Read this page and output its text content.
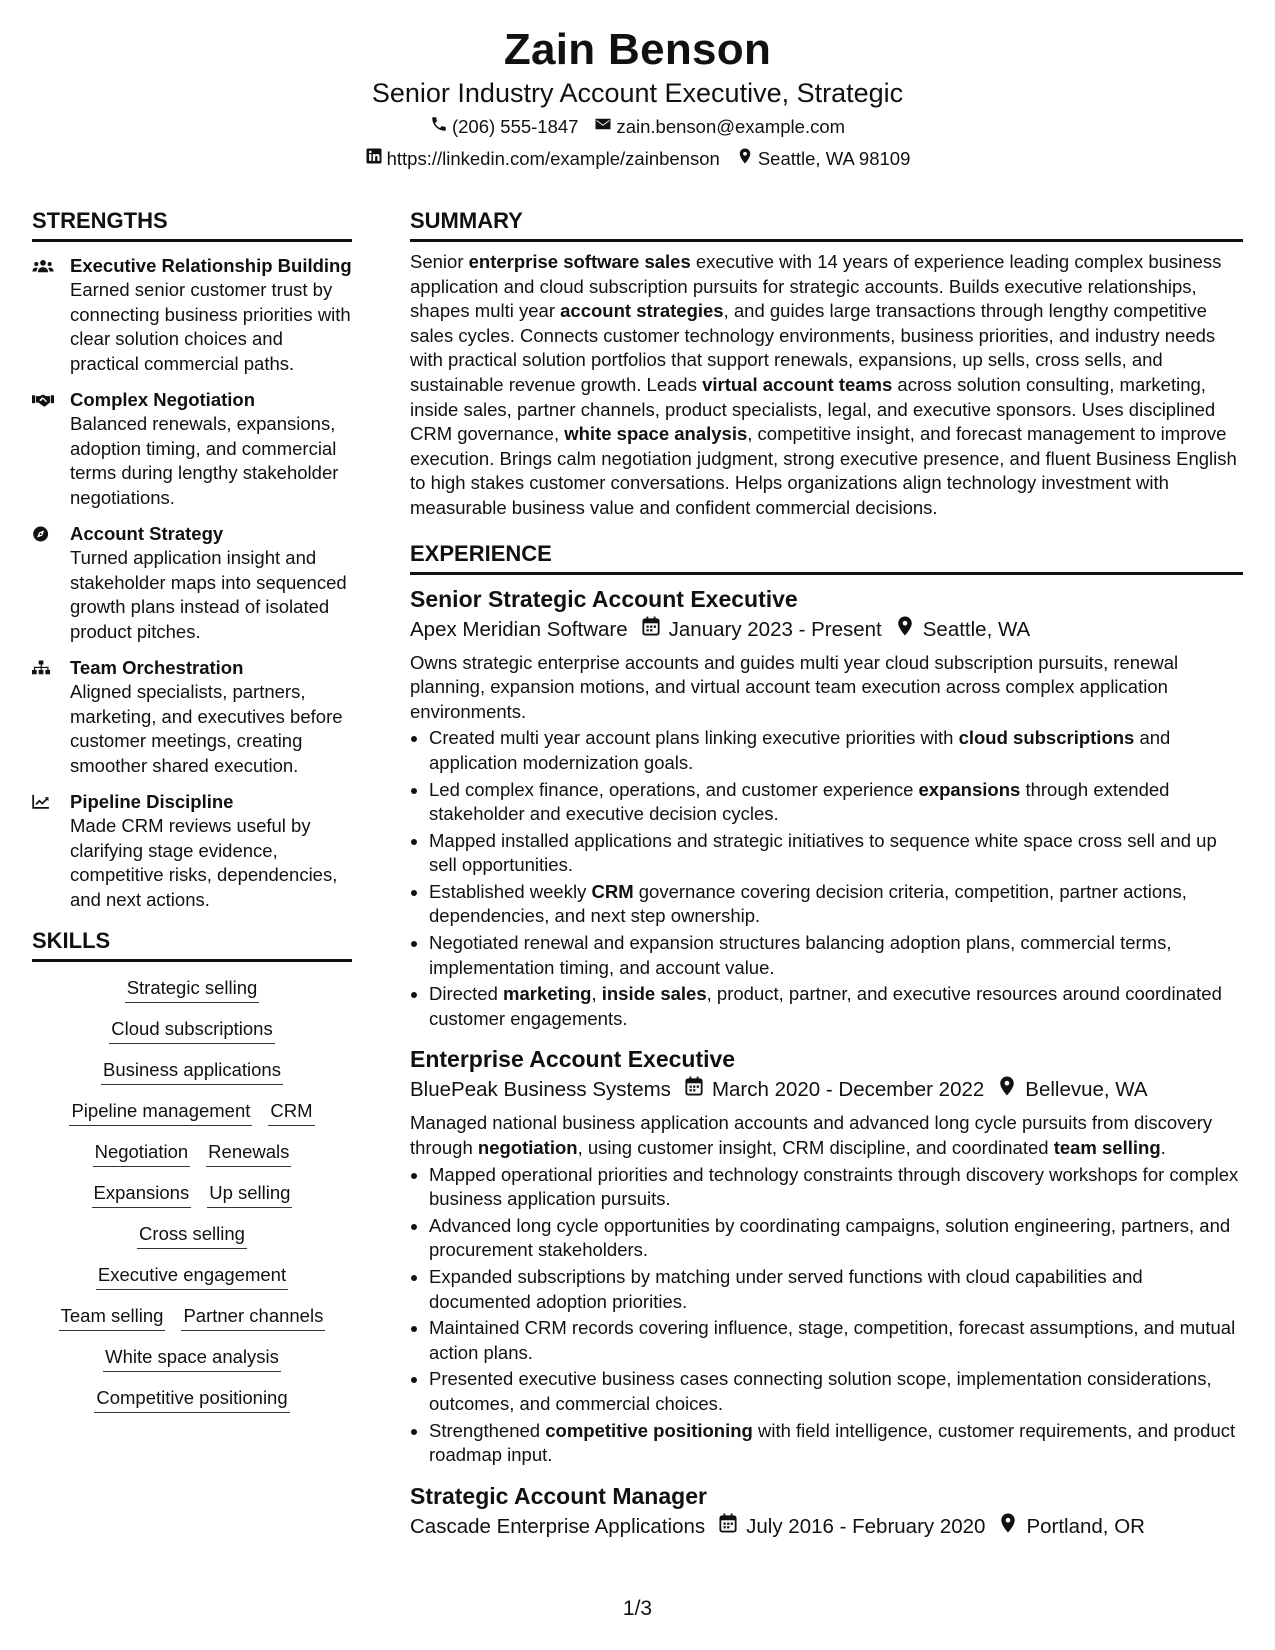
Zain Benson
Senior Industry Account Executive, Strategic
(206) 555-1847 zain.benson@example.com
https://linkedin.com/example/zainbenson Seattle, WA 98109
STRENGTHS
Executive Relationship Building
Earned senior customer trust by connecting business priorities with clear solution choices and practical commercial paths.
Complex Negotiation
Balanced renewals, expansions, adoption timing, and commercial terms during lengthy stakeholder negotiations.
Account Strategy
Turned application insight and stakeholder maps into sequenced growth plans instead of isolated product pitches.
Team Orchestration
Aligned specialists, partners, marketing, and executives before customer meetings, creating smoother shared execution.
Pipeline Discipline
Made CRM reviews useful by clarifying stage evidence, competitive risks, dependencies, and next actions.
SKILLS
Strategic selling
Cloud subscriptions
Business applications
Pipeline management CRM
Negotiation Renewals
Expansions Up selling
Cross selling
Executive engagement
Team selling Partner channels
White space analysis
Competitive positioning
SUMMARY
Senior enterprise software sales executive with 14 years of experience leading complex business application and cloud subscription pursuits for strategic accounts. Builds executive relationships, shapes multi year account strategies, and guides large transactions through lengthy competitive sales cycles. Connects customer technology environments, business priorities, and industry needs with practical solution portfolios that support renewals, expansions, up sells, cross sells, and sustainable revenue growth. Leads virtual account teams across solution consulting, marketing, inside sales, partner channels, product specialists, legal, and executive sponsors. Uses disciplined CRM governance, white space analysis, competitive insight, and forecast management to improve execution. Brings calm negotiation judgment, strong executive presence, and fluent Business English to high stakes customer conversations. Helps organizations align technology investment with measurable business value and confident commercial decisions.
EXPERIENCE
Senior Strategic Account Executive
Apex Meridian Software January 2023 - Present Seattle, WA
Owns strategic enterprise accounts and guides multi year cloud subscription pursuits, renewal planning, expansion motions, and virtual account team execution across complex application environments.
• Created multi year account plans linking executive priorities with cloud subscriptions and application modernization goals.
• Led complex finance, operations, and customer experience expansions through extended stakeholder and executive decision cycles.
• Mapped installed applications and strategic initiatives to sequence white space cross sell and up sell opportunities.
• Established weekly CRM governance covering decision criteria, competition, partner actions, dependencies, and next step ownership.
• Negotiated renewal and expansion structures balancing adoption plans, commercial terms, implementation timing, and account value.
• Directed marketing, inside sales, product, partner, and executive resources around coordinated customer engagements.
Enterprise Account Executive
BluePeak Business Systems March 2020 - December 2022 Bellevue, WA
Managed national business application accounts and advanced long cycle pursuits from discovery through negotiation, using customer insight, CRM discipline, and coordinated team selling.
• Mapped operational priorities and technology constraints through discovery workshops for complex business application pursuits.
• Advanced long cycle opportunities by coordinating campaigns, solution engineering, partners, and procurement stakeholders.
• Expanded subscriptions by matching under served functions with cloud capabilities and documented adoption priorities.
• Maintained CRM records covering influence, stage, competition, forecast assumptions, and mutual action plans.
• Presented executive business cases connecting solution scope, implementation considerations, outcomes, and commercial choices.
• Strengthened competitive positioning with field intelligence, customer requirements, and product roadmap input.
Strategic Account Manager
Cascade Enterprise Applications July 2016 - February 2020 Portland, OR
1/3
